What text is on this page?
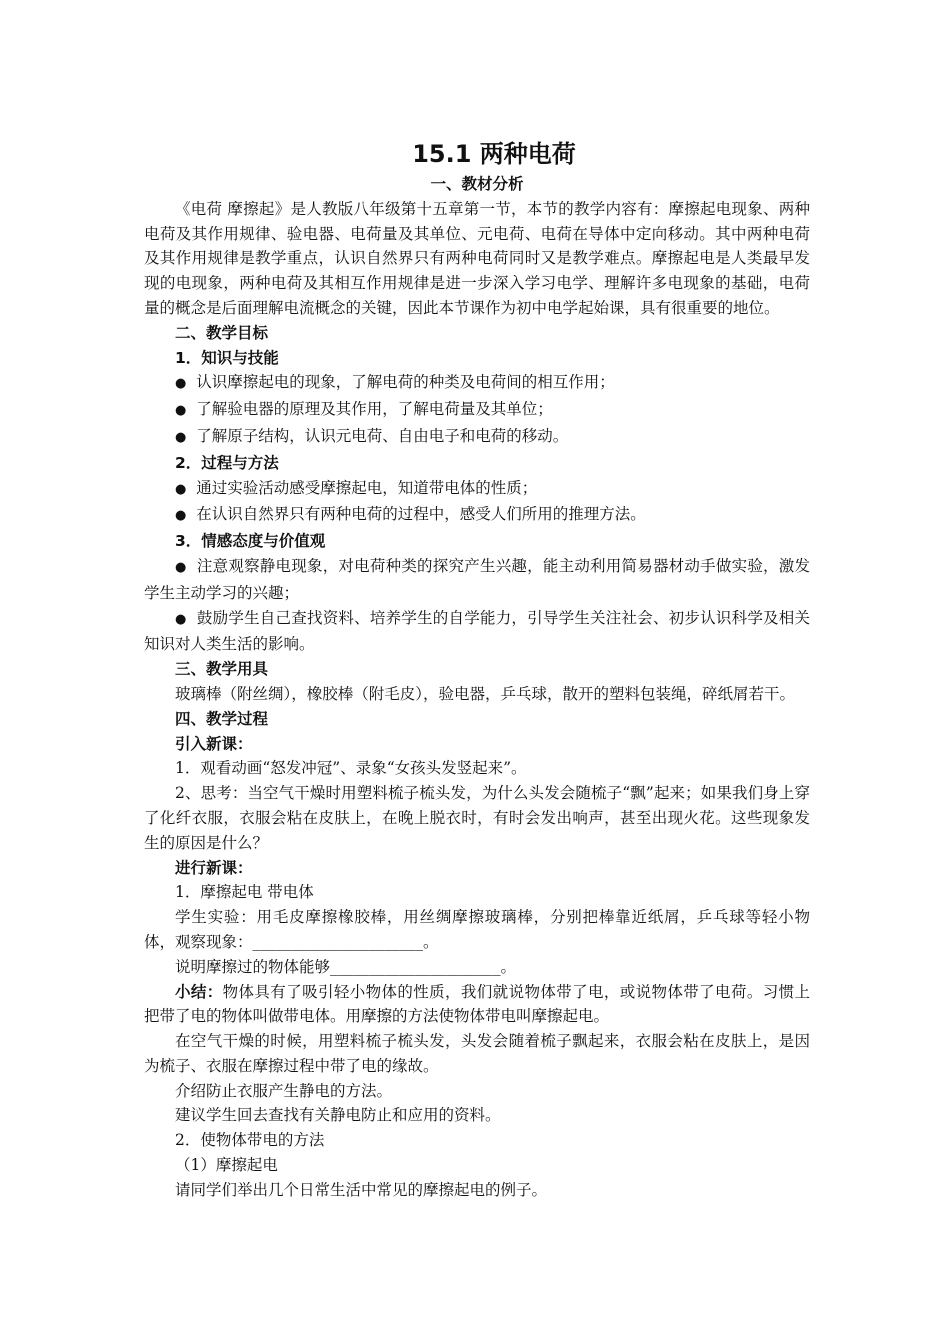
15.1 两种电荷

一、教材分析

《电荷 摩擦起》是人教版八年级第十五章第一节，本节的教学内容有：摩擦起电现象、两种电荷及其作用规律、验电器、电荷量及其单位、元电荷、电荷在导体中定向移动。其中两种电荷及其作用规律是教学重点，认识自然界只有两种电荷同时又是教学难点。摩擦起电是人类最早发现的电现象，两种电荷及其相互作用规律是进一步深入学习电学、理解许多电现象的基础，电荷量的概念是后面理解电流概念的关键，因此本节课作为初中电学起始课，具有很重要的地位。

二、教学目标

1．知识与技能

● 认识摩擦起电的现象，了解电荷的种类及电荷间的相互作用；

● 了解验电器的原理及其作用，了解电荷量及其单位；

● 了解原子结构，认识元电荷、自由电子和电荷的移动。

2．过程与方法

● 通过实验活动感受摩擦起电，知道带电体的性质；

● 在认识自然界只有两种电荷的过程中，感受人们所用的推理方法。

3．情感态度与价值观

● 注意观察静电现象，对电荷种类的探究产生兴趣，能主动利用简易器材动手做实验，激发学生主动学习的兴趣；

● 鼓励学生自己查找资料、培养学生的自学能力，引导学生关注社会、初步认识科学及相关知识对人类生活的影响。

三、教学用具

玻璃棒（附丝绸），橡胶棒（附毛皮），验电器，乒乓球，散开的塑料包装绳，碎纸屑若干。

四、教学过程

引入新课：

1．观看动画“怒发冲冠”、录象“女孩头发竖起来”。

2、思考：当空气干燥时用塑料梳子梳头发，为什么头发会随梳子“飘”起来；如果我们身上穿了化纤衣服，衣服会粘在皮肤上，在晚上脱衣时，有时会发出响声，甚至出现火花。这些现象发生的原因是什么？

进行新课：

1．摩擦起电 带电体

学生实验：用毛皮摩擦橡胶棒，用丝绸摩擦玻璃棒，分别把棒靠近纸屑，乒乓球等轻小物体，观察现象：______________________。

说明摩擦过的物体能够______________________。

小结：物体具有了吸引轻小物体的性质，我们就说物体带了电，或说物体带了电荷。习惯上把带了电的物体叫做带电体。用摩擦的方法使物体带电叫摩擦起电。

在空气干燥的时候，用塑料梳子梳头发，头发会随着梳子飘起来，衣服会粘在皮肤上，是因为梳子、衣服在摩擦过程中带了电的缘故。

介绍防止衣服产生静电的方法。

建议学生回去查找有关静电防止和应用的资料。

2．使物体带电的方法

（1）摩擦起电

请同学们举出几个日常生活中常见的摩擦起电的例子。
